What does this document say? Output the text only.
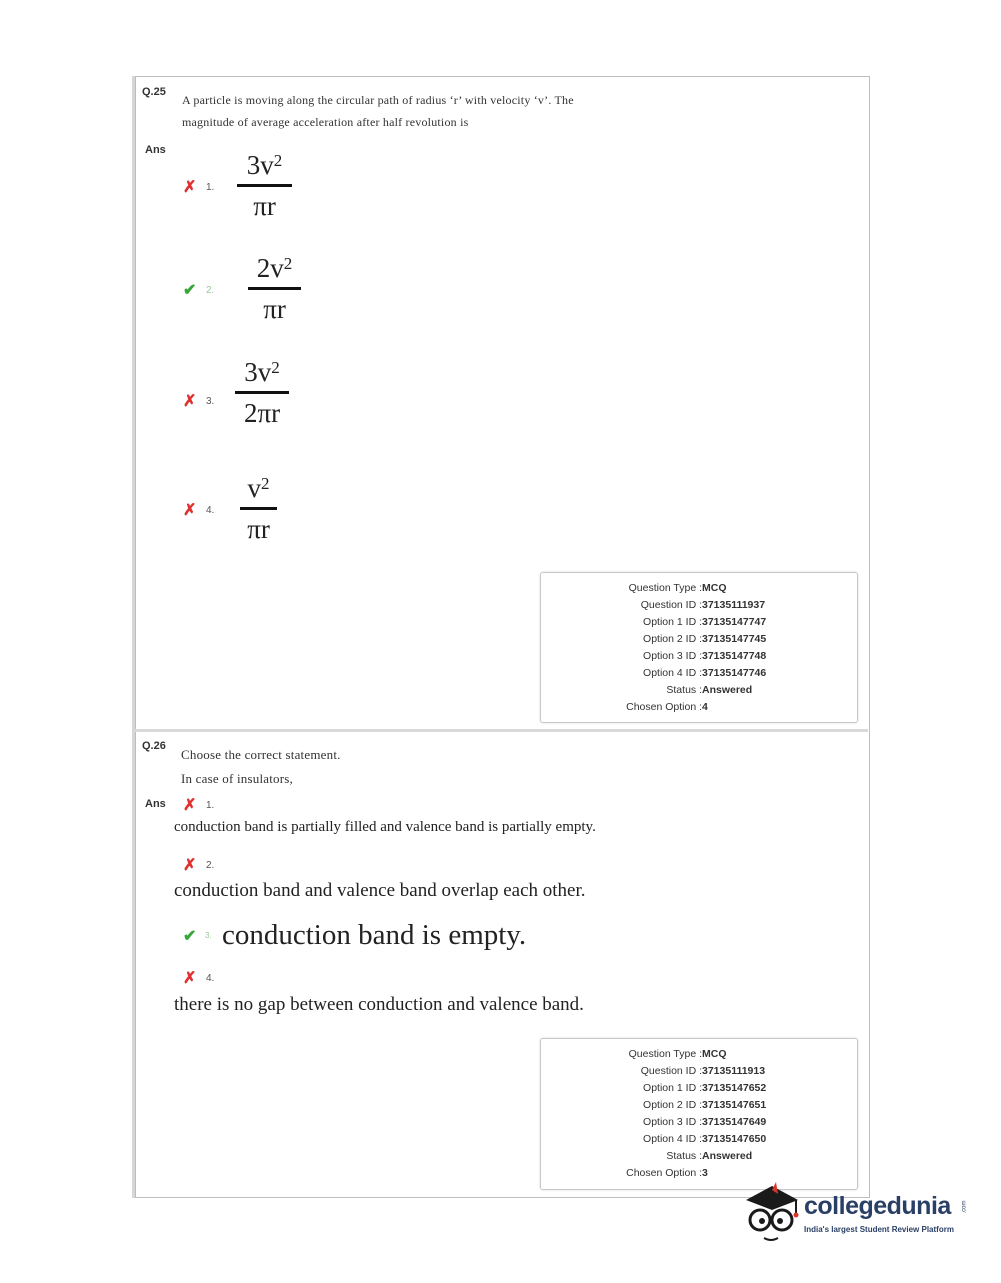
Q.25
A particle is moving along the circular path of radius ‘r’ with velocity ‘v’. The
magnitude of average acceleration after half revolution is
Ans
✗ 1.
$3v^2$
πr
✔ 2.
$2v^2$
πr
✗ 3.
$3v^2$
2πr
✗ 4.
$v^2$
πr
Question Type : MCQ
Question ID : 37135111937
Option 1 ID : 37135147747
Option 2 ID : 37135147745
Option 3 ID : 37135147748
Option 4 ID : 37135147746
Status : Answered
Chosen Option : 4
Q.26
Choose the correct statement.
In case of insulators,
Ans ✗ 1.
conduction band is partially filled and valence band is partially empty.
✗ 2.
conduction band and valence band overlap each other.
✔ 3. conduction band is empty.
✗ 4.
there is no gap between conduction and valence band.
Question Type : MCQ
Question ID : 37135111913
Option 1 ID : 37135147652
Option 2 ID : 37135147651
Option 3 ID : 37135147649
Option 4 ID : 37135147650
Status : Answered
Chosen Option : 3
collegedunia
India's largest Student Review Platform
.com
